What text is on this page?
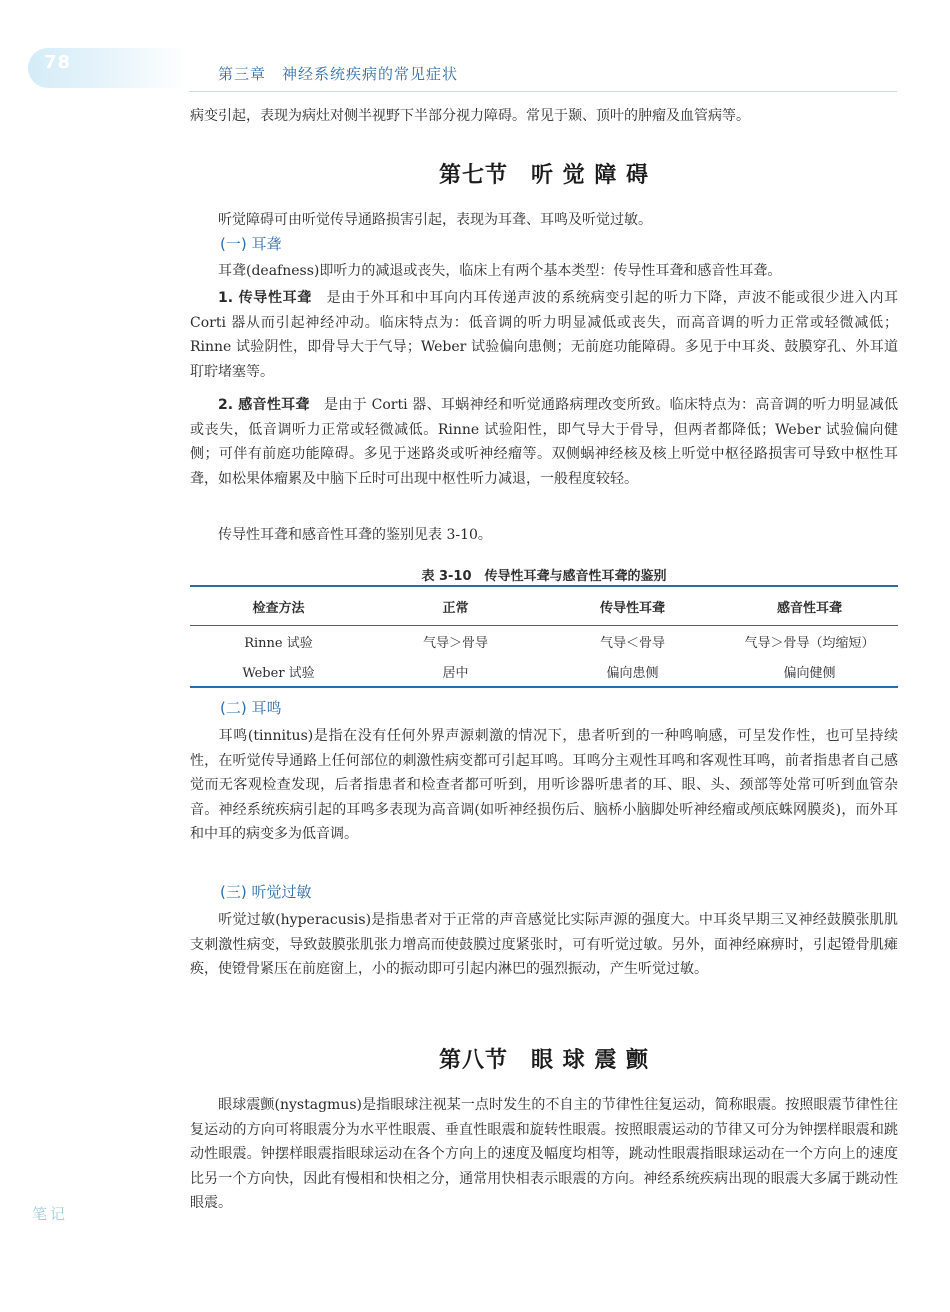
78
第三章　神经系统疾病的常见症状

病变引起，表现为病灶对侧半视野下半部分视力障碍。常见于颞、顶叶的肿瘤及血管病等。

第七节　听 觉 障 碍

听觉障碍可由听觉传导通路损害引起，表现为耳聋、耳鸣及听觉过敏。

(一) 耳聋

耳聋(deafness)即听力的减退或丧失，临床上有两个基本类型：传导性耳聋和感音性耳聋。

1. 传导性耳聋　 是由于外耳和中耳向内耳传递声波的系统病变引起的听力下降，声波不能或很少进入内耳 Corti 器从而引起神经冲动。临床特点为：低音调的听力明显减低或丧失，而高音调的听力正常或轻微减低；Rinne 试验阴性，即骨导大于气导；Weber 试验偏向患侧；无前庭功能障碍。多见于中耳炎、鼓膜穿孔、外耳道耵聍堵塞等。

2. 感音性耳聋　 是由于 Corti 器、耳蜗神经和听觉通路病理改变所致。临床特点为：高音调的听力明显减低或丧失，低音调听力正常或轻微减低。Rinne 试验阳性，即气导大于骨导，但两者都降低；Weber 试验偏向健侧；可伴有前庭功能障碍。多见于迷路炎或听神经瘤等。双侧蜗神经核及核上听觉中枢径路损害可导致中枢性耳聋，如松果体瘤累及中脑下丘时可出现中枢性听力减退，一般程度较轻。

传导性耳聋和感音性耳聋的鉴别见表 3-10。

表 3-10　传导性耳聋与感音性耳聋的鉴别
检查方法	正常	传导性耳聋	感音性耳聋
Rinne 试验	气导＞骨导	气导＜骨导	气导＞骨导（均缩短）
Weber 试验	居中	偏向患侧	偏向健侧
(二) 耳鸣

耳鸣(tinnitus)是指在没有任何外界声源刺激的情况下，患者听到的一种鸣响感，可呈发作性，也可呈持续性，在听觉传导通路上任何部位的刺激性病变都可引起耳鸣。耳鸣分主观性耳鸣和客观性耳鸣，前者指患者自己感觉而无客观检查发现，后者指患者和检查者都可听到，用听诊器听患者的耳、眼、头、颈部等处常可听到血管杂音。神经系统疾病引起的耳鸣多表现为高音调(如听神经损伤后、脑桥小脑脚处听神经瘤或颅底蛛网膜炎)，而外耳和中耳的病变多为低音调。

(三) 听觉过敏

听觉过敏(hyperacusis)是指患者对于正常的声音感觉比实际声源的强度大。中耳炎早期三叉神经鼓膜张肌肌支刺激性病变，导致鼓膜张肌张力增高而使鼓膜过度紧张时，可有听觉过敏。另外，面神经麻痹时，引起镫骨肌瘫痪，使镫骨紧压在前庭窗上，小的振动即可引起内淋巴的强烈振动，产生听觉过敏。

第八节　眼 球 震 颤

眼球震颤(nystagmus)是指眼球注视某一点时发生的不自主的节律性往复运动，简称眼震。按照眼震节律性往复运动的方向可将眼震分为水平性眼震、垂直性眼震和旋转性眼震。按照眼震运动的节律又可分为钟摆样眼震和跳动性眼震。钟摆样眼震指眼球运动在各个方向上的速度及幅度均相等，跳动性眼震指眼球运动在一个方向上的速度比另一个方向快，因此有慢相和快相之分，通常用快相表示眼震的方向。神经系统疾病出现的眼震大多属于跳动性眼震。

笔记
